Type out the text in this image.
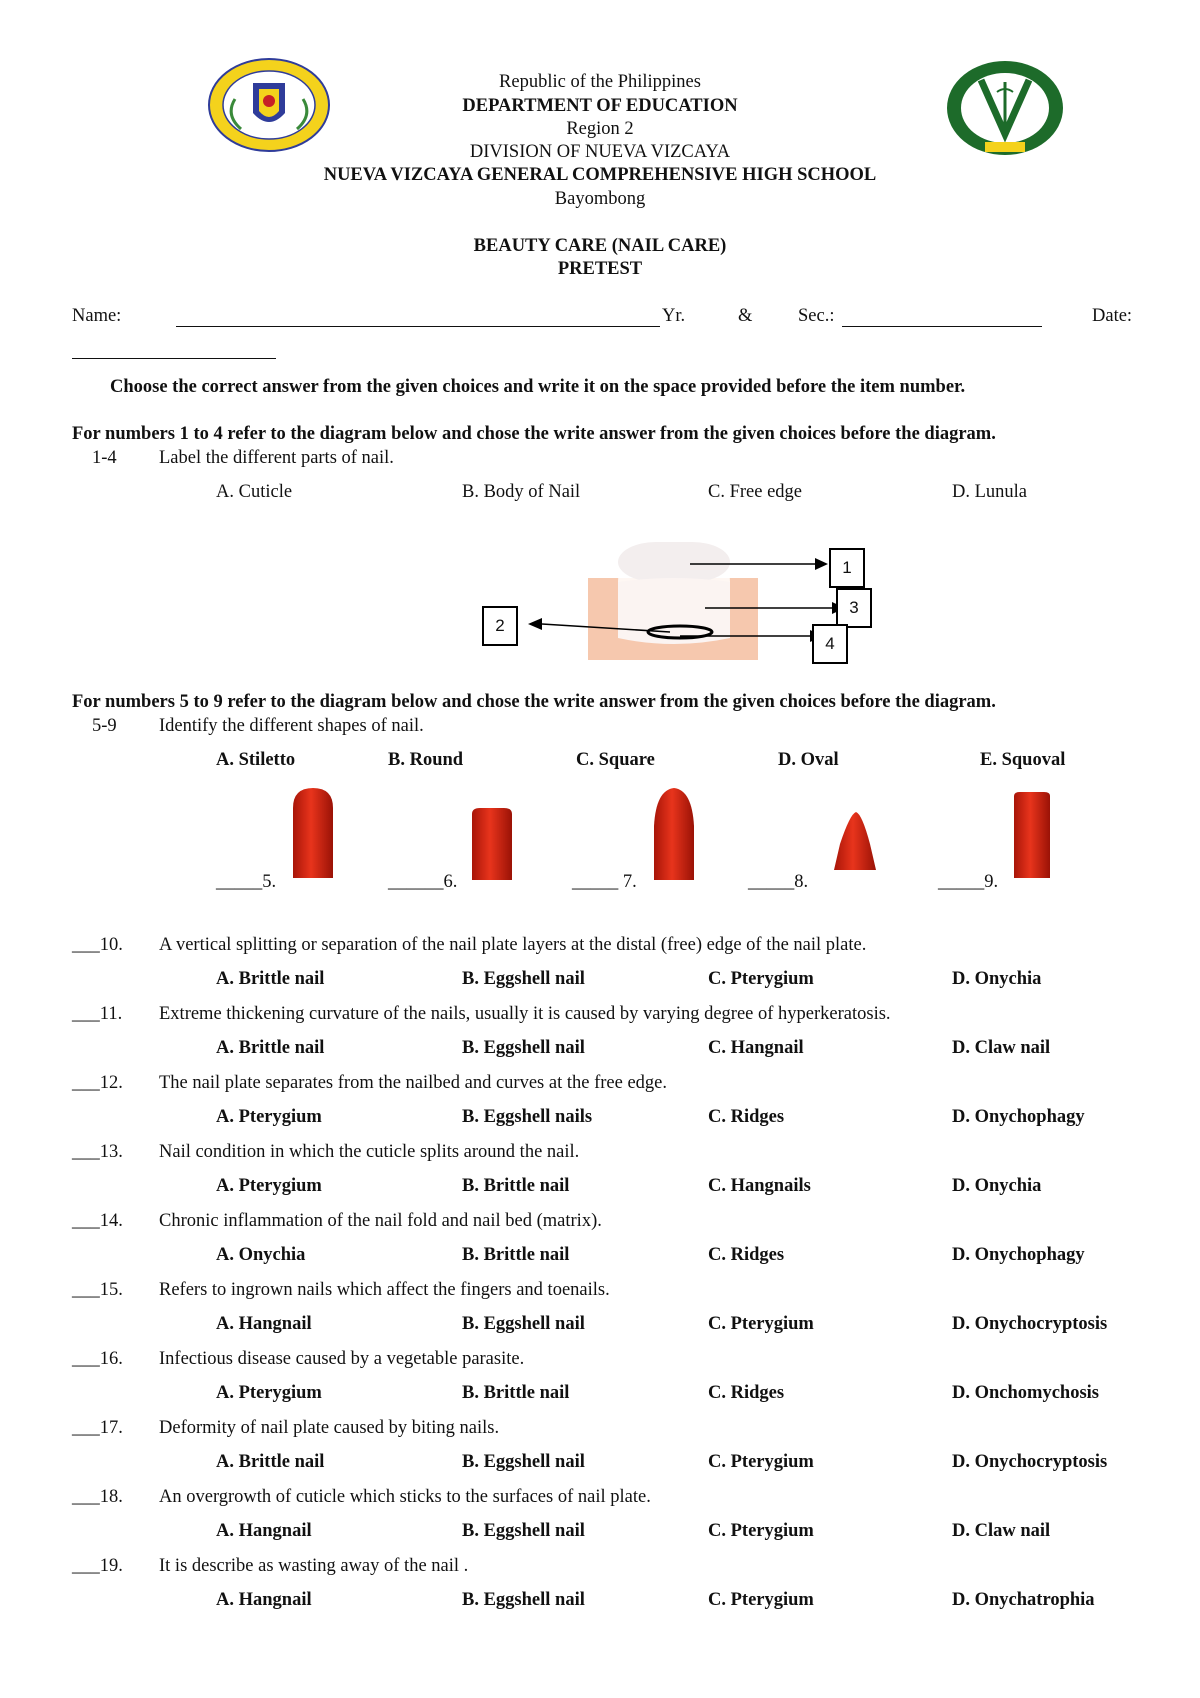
Republic of the Philippines
DEPARTMENT OF EDUCATION
Region 2
DIVISION OF NUEVA VIZCAYA
NUEVA VIZCAYA GENERAL COMPREHENSIVE HIGH SCHOOL
Bayombong
BEAUTY CARE (NAIL CARE)
PRETEST
Name:	Yr.	& Sec.:	Date:
Choose the correct answer from the given choices and write it on the space provided before the item number.
For numbers 1 to 4 refer to the diagram below and chose the write answer from the given choices before the diagram.
1-4 Label the different parts of nail.
A. Cuticle	B. Body of Nail	C. Free edge	D. Lunula
1
2
3
4
For numbers 5 to 9 refer to the diagram below and chose the write answer from the given choices before the diagram.
5-9 Identify the different shapes of nail.
A. Stiletto	B. Round	C. Square	D. Oval	E. Squoval
_____5.	______6.	_____ 7.	_____8.	_____9.
___10. A vertical splitting or separation of the nail plate layers at the distal (free) edge of the nail plate.
A. Brittle nail	B. Eggshell nail	C. Pterygium	D. Onychia
___11. Extreme thickening curvature of the nails, usually it is caused by varying degree of hyperkeratosis.
A. Brittle nail	B. Eggshell nail	C. Hangnail	D. Claw nail
___12. The nail plate separates from the nailbed and curves at the free edge.
A. Pterygium	B. Eggshell nails	C. Ridges	D. Onychophagy
___13. Nail condition in which the cuticle splits around the nail.
A. Pterygium	B. Brittle nail	C. Hangnails	D. Onychia
___14. Chronic inflammation of the nail fold and nail bed (matrix).
A. Onychia	B. Brittle nail	C. Ridges	D. Onychophagy
___15. Refers to ingrown nails which affect the fingers and toenails.
A. Hangnail	B. Eggshell nail	C. Pterygium	D. Onychocryptosis
___16. Infectious disease caused by a vegetable parasite.
A. Pterygium	B. Brittle nail	C. Ridges	D. Onchomychosis
___17. Deformity of nail plate caused by biting nails.
A. Brittle nail	B. Eggshell nail	C. Pterygium	D. Onychocryptosis
___18. An overgrowth of cuticle which sticks to the surfaces of nail plate.
A. Hangnail	B. Eggshell nail	C. Pterygium	D. Claw nail
___19. It is describe as wasting away of the nail .
A. Hangnail	B. Eggshell nail	C. Pterygium	D. Onychatrophia
